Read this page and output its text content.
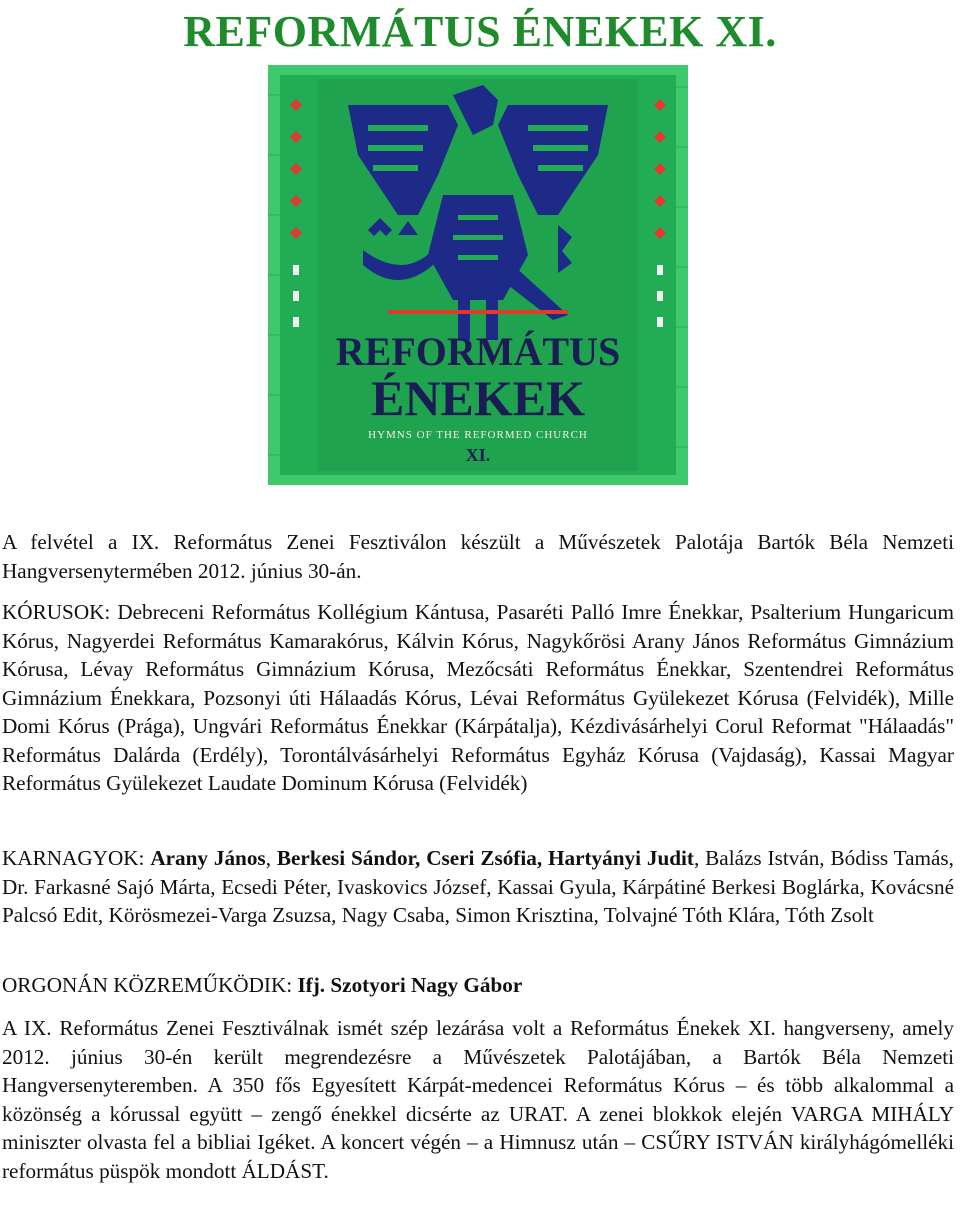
REFORMÁTUS ÉNEKEK XI.
REFORMÁTUS
ÉNEKEK
HYMNS OF THE REFORMED CHURCH
XI.

A felvétel a IX. Református Zenei Fesztiválon készült a Művészetek Palotája Bartók Béla Nemzeti Hangversenytermében 2012. június 30-án.

KÓRUSOK: Debreceni Református Kollégium Kántusa, Pasaréti Palló Imre Énekkar, Psalterium Hungaricum Kórus, Nagyerdei Református Kamarakórus, Kálvin Kórus, Nagykőrösi Arany János Református Gimnázium Kórusa, Lévay Református Gimnázium Kórusa, Mezőcsáti Református Énekkar, Szentendrei Református Gimnázium Énekkara, Pozsonyi úti Hálaadás Kórus, Lévai Református Gyülekezet Kórusa (Felvidék), Mille Domi Kórus (Prága), Ungvári Református Énekkar (Kárpátalja), Kézdivásárhelyi Corul Reformat "Hálaadás" Református Dalárda (Erdély), Torontálvásárhelyi Református Egyház Kórusa (Vajdaság), Kassai Magyar Református Gyülekezet Laudate Dominum Kórusa (Felvidék)

KARNAGYOK: Arany János, Berkesi Sándor, Cseri Zsófia, Hartyányi Judit, Balázs István, Bódiss Tamás, Dr. Farkasné Sajó Márta, Ecsedi Péter, Ivaskovics József, Kassai Gyula, Kárpátiné Berkesi Boglárka, Kovácsné Palcsó Edit, Körösmezei-Varga Zsuzsa, Nagy Csaba, Simon Krisztina, Tolvajné Tóth Klára, Tóth Zsolt

ORGONÁN KÖZREMŰKÖDIK: Ifj. Szotyori Nagy Gábor

A IX. Református Zenei Fesztiválnak ismét szép lezárása volt a Református Énekek XI. hangverseny, amely 2012. június 30-én került megrendezésre a Művészetek Palotájában, a Bartók Béla Nemzeti Hangversenyteremben. A 350 fős Egyesített Kárpát-medencei Református Kórus – és több alkalommal a közönség a kórussal együtt – zengő énekkel dicsérte az URAT. A zenei blokkok elején VARGA MIHÁLY miniszter olvasta fel a bibliai Igéket. A koncert végén – a Himnusz után – CSŰRY ISTVÁN királyhágómelléki református püspök mondott ÁLDÁST.
